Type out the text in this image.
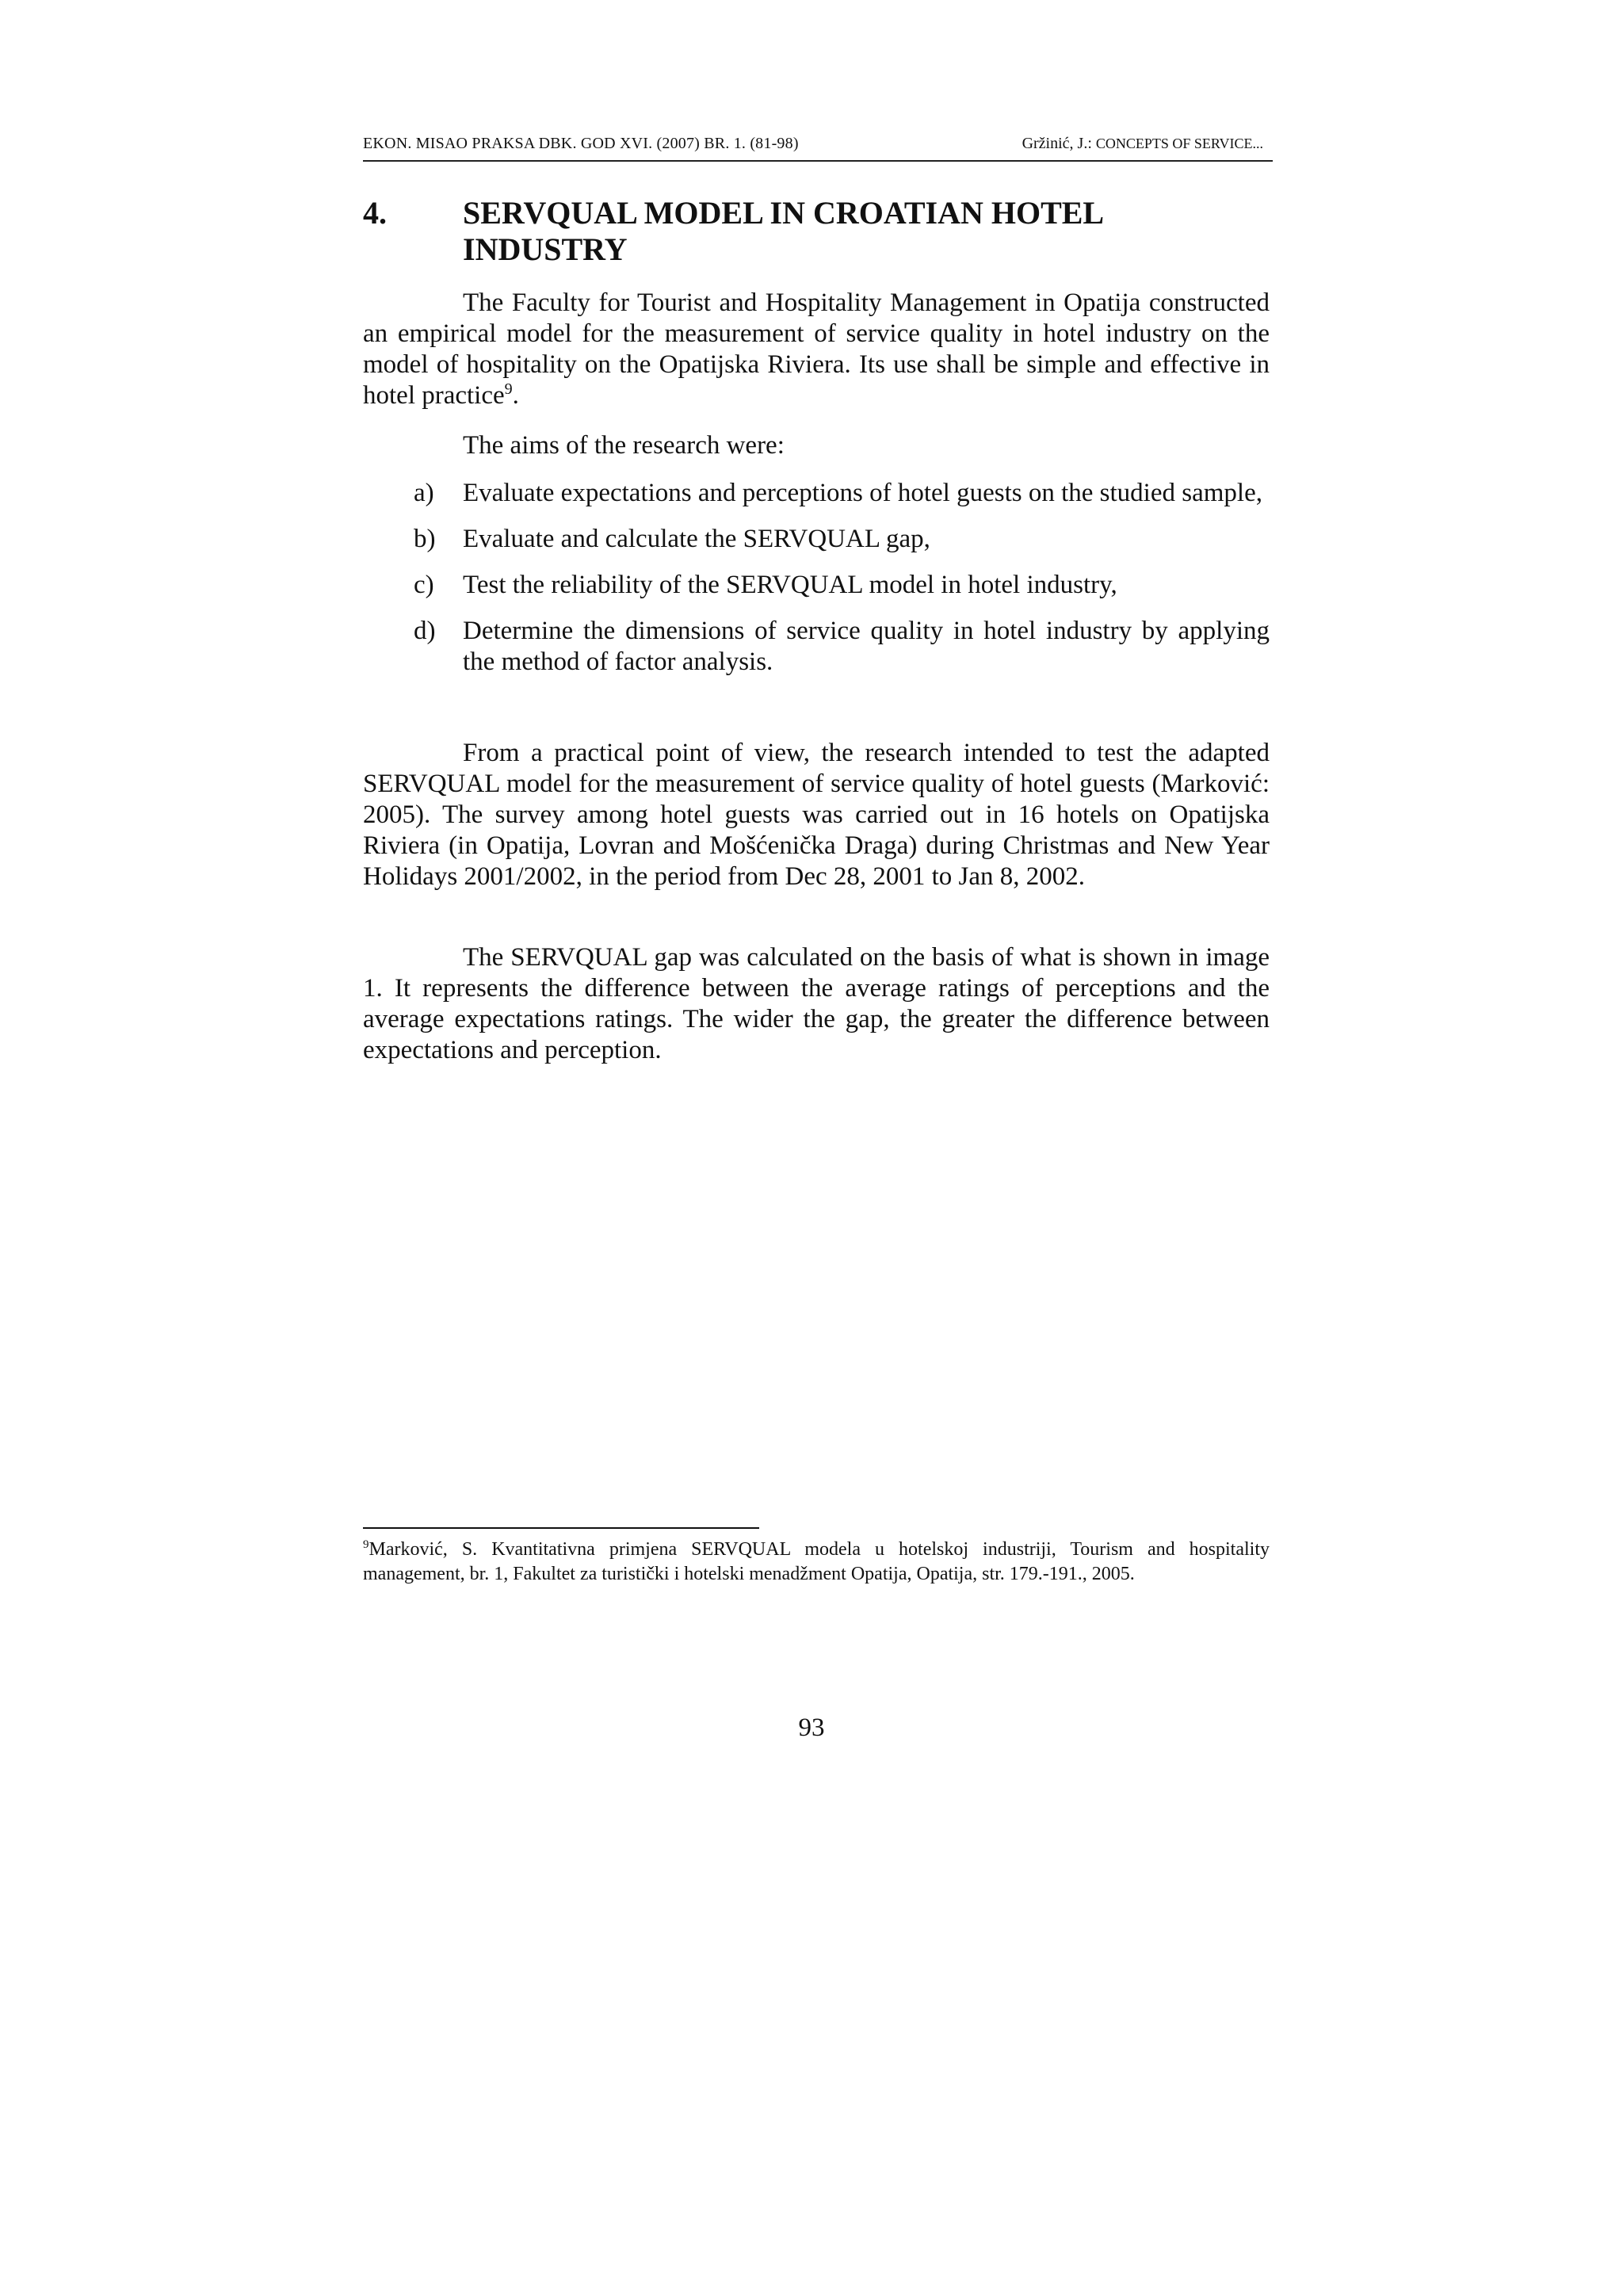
EKON. MISAO PRAKSA DBK. GOD XVI. (2007) BR. 1. (81-98)	Gržinić, J.: CONCEPTS OF SERVICE...
4. SERVQUAL MODEL IN CROATIAN HOTEL INDUSTRY

The Faculty for Tourist and Hospitality Management in Opatija constructed an empirical model for the measurement of service quality in hotel industry on the model of hospitality on the Opatijska Riviera. Its use shall be simple and effective in hotel practice$^9$.

The aims of the research were:

a) Evaluate expectations and perceptions of hotel guests on the studied sample,
b) Evaluate and calculate the SERVQUAL gap,
c) Test the reliability of the SERVQUAL model in hotel industry,
d) Determine the dimensions of service quality in hotel industry by applying the method of factor analysis.

From a practical point of view, the research intended to test the adapted SERVQUAL model for the measurement of service quality of hotel guests (Marković: 2005). The survey among hotel guests was carried out in 16 hotels on Opatijska Riviera (in Opatija, Lovran and Mošćenička Draga) during Christmas and New Year Holidays 2001/2002, in the period from Dec 28, 2001 to Jan 8, 2002.

The SERVQUAL gap was calculated on the basis of what is shown in image 1. It represents the difference between the average ratings of perceptions and the average expectations ratings. The wider the gap, the greater the difference between expectations and perception.

$^9$Marković, S. Kvantitativna primjena SERVQUAL modela u hotelskoj industriji, Tourism and hospitality management, br. 1, Fakultet za turistički i hotelski menadžment Opatija, Opatija, str. 179.-191., 2005.
93
